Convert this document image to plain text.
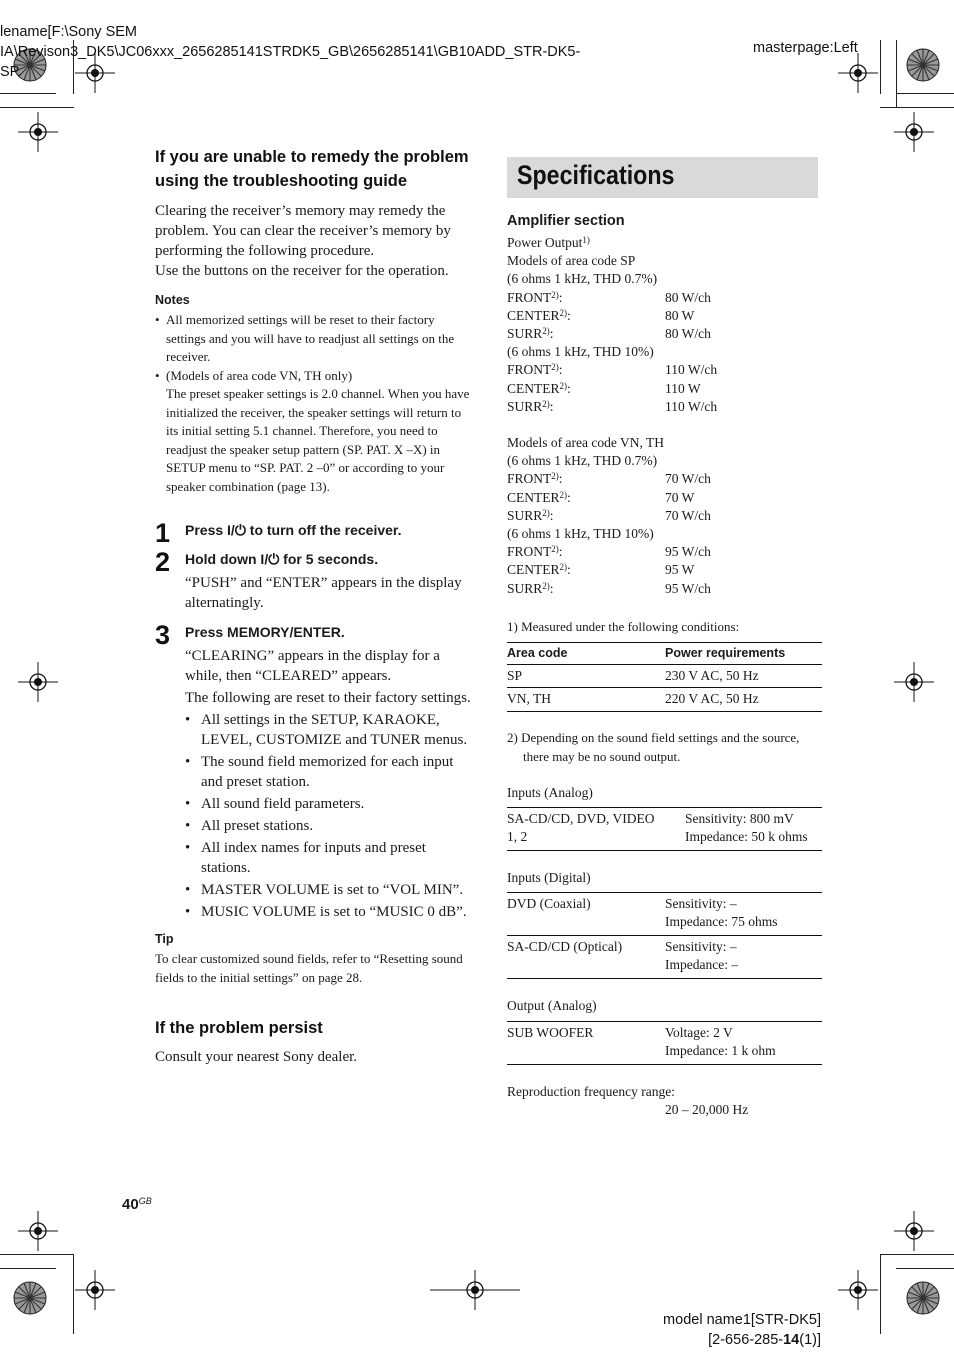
lename[F:\Sony SEM
IA\Revison3_DK5\JC06xxx_2656285141STRDK5_GB\2656285141\GB10ADD_STR-DK5-
SP.
masterpage:Left
If you are unable to remedy the problem using the troubleshooting guide

Clearing the receiver’s memory may remedy the problem. You can clear the receiver’s memory by performing the following procedure.

Use the buttons on the receiver for the operation.

Notes

• All memorized settings will be reset to their factory settings and you will have to readjust all settings on the receiver.

• (Models of area code VN, TH only)
The preset speaker settings is 2.0 channel. When you have initialized the receiver, the speaker settings will return to its initial setting 5.1 channel. Therefore, you need to readjust the speaker setup pattern (SP. PAT. X –X) in SETUP menu to “SP. PAT. 2 –0” or according to your speaker combination (page 13).

1 Press I/⏻ to turn off the receiver.

2 Hold down I/⏻ for 5 seconds.

“PUSH” and “ENTER” appears in the display alternatingly.

3 Press MEMORY/ENTER.

“CLEARING” appears in the display for a while, then “CLEARED” appears.

The following are reset to their factory settings.

• All settings in the SETUP, KARAOKE, LEVEL, CUSTOMIZE and TUNER menus.
• The sound field memorized for each input and preset station.
• All sound field parameters.
• All preset stations.
• All index names for inputs and preset stations.
• MASTER VOLUME is set to “VOL MIN”.
• MUSIC VOLUME is set to “MUSIC 0 dB”.
Tip

To clear customized sound fields, refer to “Resetting sound fields to the initial settings” on page 28.

If the problem persist

Consult your nearest Sony dealer.

Specifications
Amplifier section
Power Output$^{1)}$
Models of area code SP
(6 ohms 1 kHz, THD 0.7%)
FRONT$^{2)}$:	80 W/ch
CENTER$^{2)}$:	80 W
SURR$^{2)}$:	80 W/ch
(6 ohms 1 kHz, THD 10%)
FRONT$^{2)}$:	110 W/ch
CENTER$^{2)}$:	110 W
SURR$^{2)}$:	110 W/ch
Models of area code VN, TH
(6 ohms 1 kHz, THD 0.7%)
FRONT$^{2)}$:	70 W/ch
CENTER$^{2)}$:	70 W
SURR$^{2)}$:	70 W/ch
(6 ohms 1 kHz, THD 10%)
FRONT$^{2)}$:	95 W/ch
CENTER$^{2)}$:	95 W
SURR$^{2)}$:	95 W/ch
1) Measured under the following conditions:
Area code	Power requirements
SP	230 V AC, 50 Hz
VN, TH	220 V AC, 50 Hz
2) Depending on the sound field settings and the source, there may be no sound output.
Inputs (Analog)
SA-CD/CD, DVD, VIDEO 1, 2	
Sensitivity: 800 mV
Impedance: 50 k ohms
Inputs (Digital)
DVD (Coaxial)	Sensitivity: –
Impedance: 75 ohms

SA-CD/CD (Optical)	Sensitivity: –
Impedance: –
Output (Analog)
SUB WOOFER	Voltage: 2 V
Impedance: 1 k ohm
Reproduction frequency range:
20 – 20,000 Hz
$40^{GB}$
model name1[STR-DK5]
[2-656-285-14(1)]
